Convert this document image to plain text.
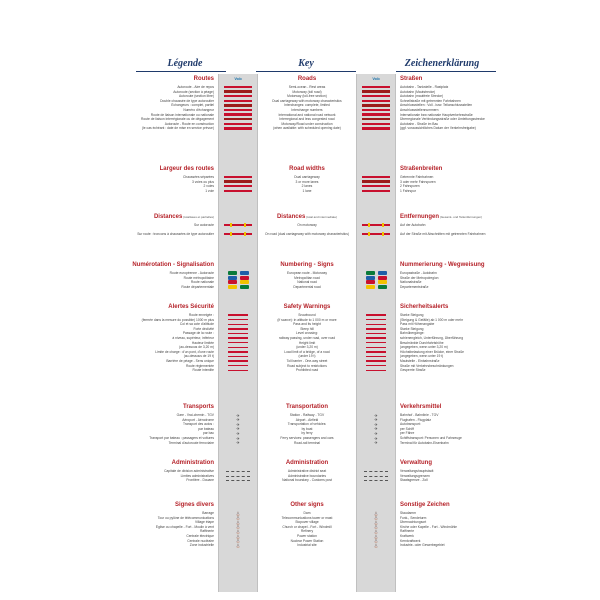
Légende	Key	Zeichenerklärung
Vcb	Vcb
Routes	Roads	Straßen
Autoroute - Aire de repos	Semi-ocean - Rest areas	Autobahn - Tankstelle - Rastplatz
Autoroute (section à péage)	Motorway (toll road)	Autobahn (Mautstrecke)
Autoroute (section libre)	Motorway (toll-free section)	Autobahn (mautfreie Strecke)
Double chaussée de type autoroutier	Dual carriageway with motorway characteristics	Schnellstraße mit getrennten Fahrbahnen
Échangeurs : complet, partiel	Interchanges: complete, limited	Anschlussstellen : Voll - bzw. Teilanschlussstellen
Numéro d'échangeur	Interchange numbers	Anschlussstellennummern
Route de liaison internationale ou nationale	International and national road network	Internationale bzw nationale Hauptverkehrsstraße
Route de liaison interrégionale ou de dégagement	Interregional and less congested road	Überregionale Verbindungsstraße oder Umleitungsstrecke
Autoroute - Route en construction	Motorway/Road under construction	Autobahn - Straße im Bau
(le cas échéant : date de mise en service prévue)	(when available: with scheduled opening date)	(ggf. voraussichtliches Datum der Verkehrsfreigabe)
Largeur des routes	Road widths	Straßenbreiten
Chaussées séparées	Dual carriageway	Getrennte Fahrbahnen
3 voies ou plus	3 or more lanes	3 oder mehr Fahrspuren
2 voies	2 lanes	2 Fahrspuren
1 voie	1 lane	1 Fahrspur
Distances (totalisées et partielles)	Distances (total and intermediate)	Entfernungen (Gesamt- und Teilentfernungen)
Sur autoroute	On motorway	Auf der Autobahn
Sur route : troncons à chaussées de type autoroutier	On road (dual carriageway with motorway characteristics)	Auf der Straße mit Abschnitten mit getrennten Fahrbahnen
Numérotation - Signalisation	Numbering - Signs	Nummerierung - Wegweisung
Route européenne - Autoroute	European route - Motorway	Europastraße - Autobahn
Route métropolitaine	Metropolitan road	Straße der Metropolregion
Route nationale	National road	Nationalstraße
Route départementale	Departmental road	Departementstraße
Alertes Sécurité	Safety Warnings	Sicherheitsalerts
Route enneigée :	Snowbound	Starke Steigung
(fermée dans la mesure du possible) 1000 m plus	(if scarce): in altitude to 1 000 m or more	(Steigung & Gefälle) ab 1 000 m oder mehr
Col et sa cote d'altitude	Pass and its height	Pass mit Höhenangabe
Forte déclivité	Steep hill	Starke Steigung
Passage de la route :	Level crossing:	Bahnübergänge:
à niveau, supérieur, inférieur	railway passing, under road, over road	schienengleich, Unterführung, Überführung
Hauteur limitée	Height limit	Beschränkte Durchfahrtshöhe
(au-dessous de 3,20 m)	(under 3,20 m)	(angegeben, wenn unter 3,20 m)
Limite de charge : d'un pont, d'une route	Load limit of a bridge, of a road	Höchstbelastung einer Brücke, einer Straße
(au-dessous de 19 t)	(under 19 t)	(angegeben, wenn unter 19 t)
Barrière de péage - Sens unique	Toll barrier - One-way street	Mautstelle - Einbahnstraße
Route réglementée	Road subject to restrictions	Straße mit Verkehrsbeschränkungen
Route interdite	Prohibited road	Gesperrte Straße
Transports	Transportation	Verkehrsmittel
Gare - Vrai-chemin - TGV	Station - Railway - TGV	Bahnhof - Bahnlinie - TGV
✈	✈
Aéroport - Aérodrome	Airport - Airfield	Flughafen - Flugplatz
✈	✈
Transport des autos :	Transportation of vehicles:	Autotransport:
✈	✈
par bateau	by boat	per Schiff
✈	✈
par bac	by ferry	per Fähre
✈	✈
Transport par bateau : passagers et voitures	Ferry services: passengers and cars	Schiffstransport: Personen und Fahrzeuge
✈	✈
Terminal d'autoroute ferroviaire	Road-rail terminal	Terminal für Autobahn-Eisenbahn
✈	✈
Administration	Administration	Verwaltung
Capitale de division administrative	Administrative district seat	Verwaltungshauptstadt
Limites administratives	Administrative boundaries	Verwaltungsgrenzen
Frontière - Douane	National boundary - Customs post	Staatsgrenze - Zoll
Signes divers	Other signs	Sonstige Zeichen
Barrage	Dam	Staudamm
⛪	⛪
Tour ou pylône de télécommunications	Telecommunications tower or mast	Funk-, Sendeturm
⛪	⛪
Village étape	Stopover village	Übernachtungsort
⛪	⛪
Église ou chapelle - Fort - Moulin à vent	Church or chapel - Fort - Windmill	Kirche oder Kapelle - Fort - Windmühle
⛪	⛪
Raffinerie	Refinery	Raffinerie
⛪	⛪
Centrale électrique	Power station	Kraftwerk
⛪	⛪
Centrale nucléaire	Nuclear Power Station	Kernkraftwerk
⛪	⛪
Zone industrielle	Industrial site	Industrie- oder Gewerbegebiet
⛪	⛪
